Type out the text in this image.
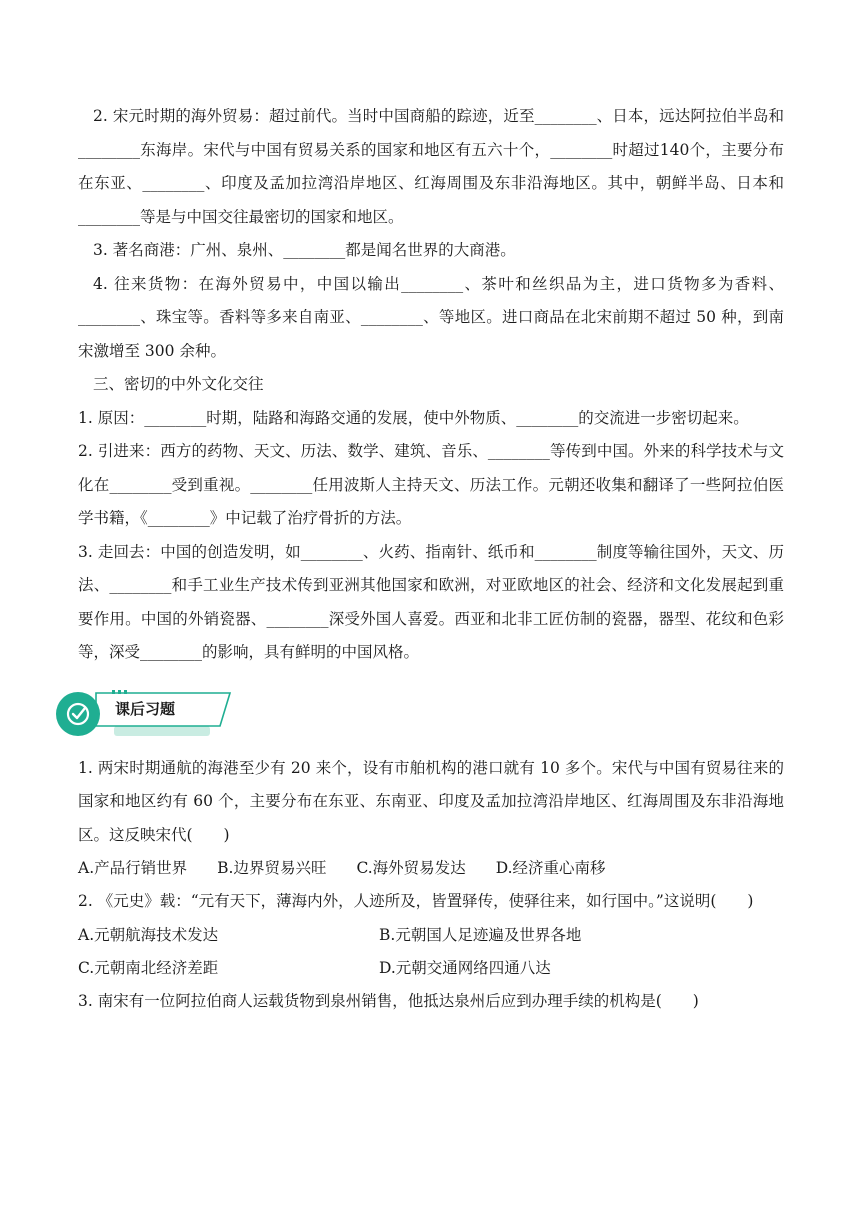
2. 宋元时期的海外贸易：超过前代。当时中国商船的踪迹，近至________、日本，远达阿拉伯半岛和________东海岸。宋代与中国有贸易关系的国家和地区有五六十个，________时超过140个，主要分布在东亚、________、印度及孟加拉湾沿岸地区、红海周围及东非沿海地区。其中，朝鲜半岛、日本和________等是与中国交往最密切的国家和地区。

3. 著名商港：广州、泉州、________都是闻名世界的大商港。

4. 往来货物：在海外贸易中，中国以输出________、茶叶和丝织品为主，进口货物多为香料、________、珠宝等。香料等多来自南亚、________、等地区。进口商品在北宋前期不超过 50 种，到南宋激增至 300 余种。

三、密切的中外文化交往

1. 原因：________时期，陆路和海路交通的发展，使中外物质、________的交流进一步密切起来。

2. 引进来：西方的药物、天文、历法、数学、建筑、音乐、________等传到中国。外来的科学技术与文化在________受到重视。________任用波斯人主持天文、历法工作。元朝还收集和翻译了一些阿拉伯医学书籍，《________》中记载了治疗骨折的方法。

3. 走回去：中国的创造发明，如________、火药、指南针、纸币和________制度等输往国外，天文、历法、________和手工业生产技术传到亚洲其他国家和欧洲，对亚欧地区的社会、经济和文化发展起到重要作用。中国的外销瓷器、________深受外国人喜爱。西亚和北非工匠仿制的瓷器，器型、花纹和色彩等，深受________的影响，具有鲜明的中国风格。

课后习题

1. 两宋时期通航的海港至少有 20 来个，设有市舶机构的港口就有 10 多个。宋代与中国有贸易往来的国家和地区约有 60 个，主要分布在东亚、东南亚、印度及孟加拉湾沿岸地区、红海周围及东非沿海地区。这反映宋代(　　)

A.产品行销世界 B.边界贸易兴旺 C.海外贸易发达 D.经济重心南移

2. 《元史》载：“元有天下，薄海内外，人迹所及，皆置驿传，使驿往来，如行国中。”这说明(　　)

A.元朝航海技术发达	B.元朝国人足迹遍及世界各地
C.元朝南北经济差距	D.元朝交通网络四通八达

3. 南宋有一位阿拉伯商人运载货物到泉州销售，他抵达泉州后应到办理手续的机构是(　　)
